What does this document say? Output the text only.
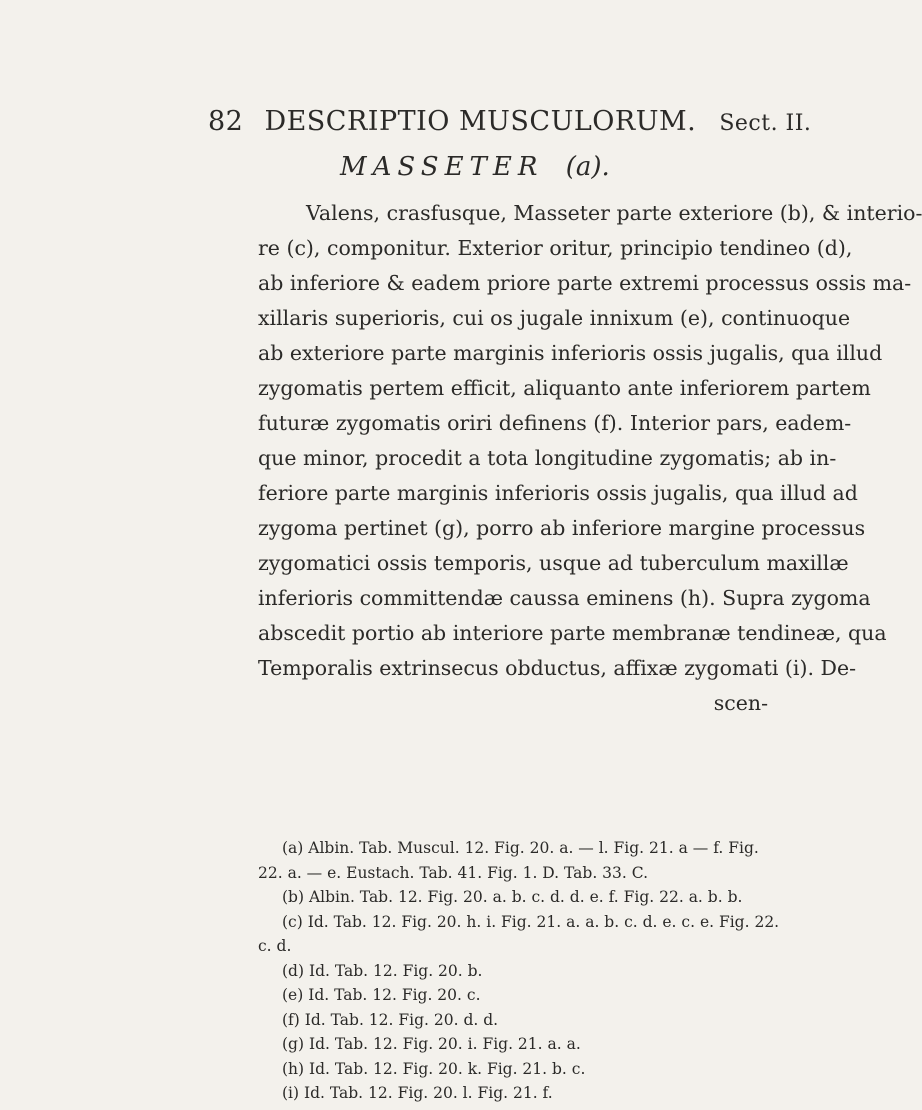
82 DESCRIPTIO MUSCULORUM. Sect. II.
MASSETER (a).
Valens, crasfusque, Masseter parte exteriore (b), & interio-
re (c), componitur. Exterior oritur, principio tendineo (d),
ab inferiore & eadem priore parte extremi processus ossis ma-
xillaris superioris, cui os jugale innixum (e), continuoque
ab exteriore parte marginis inferioris ossis jugalis, qua illud
zygomatis pertem efficit, aliquanto ante inferiorem partem
futuræ zygomatis oriri definens (f). Interior pars, eadem-
que minor, procedit a tota longitudine zygomatis; ab in-
feriore parte marginis inferioris ossis jugalis, qua illud ad
zygoma pertinet (g), porro ab inferiore margine processus
zygomatici ossis temporis, usque ad tuberculum maxillæ
inferioris committendæ caussa eminens (h). Supra zygoma
abscedit portio ab interiore parte membranæ tendineæ, qua
Temporalis extrinsecus obductus, affixæ zygomati (i). De-
scen-
(a) Albin. Tab. Muscul. 12. Fig. 20. a. — l. Fig. 21. a — f. Fig.
22. a. — e. Eustach. Tab. 41. Fig. 1. D. Tab. 33. C.
(b) Albin. Tab. 12. Fig. 20. a. b. c. d. d. e. f. Fig. 22. a. b. b.
(c) Id. Tab. 12. Fig. 20. h. i. Fig. 21. a. a. b. c. d. e. c. e. Fig. 22.
c. d.
(d) Id. Tab. 12. Fig. 20. b.
(e) Id. Tab. 12. Fig. 20. c.
(f) Id. Tab. 12. Fig. 20. d. d.
(g) Id. Tab. 12. Fig. 20. i. Fig. 21. a. a.
(h) Id. Tab. 12. Fig. 20. k. Fig. 21. b. c.
(i) Id. Tab. 12. Fig. 20. l. Fig. 21. f.
